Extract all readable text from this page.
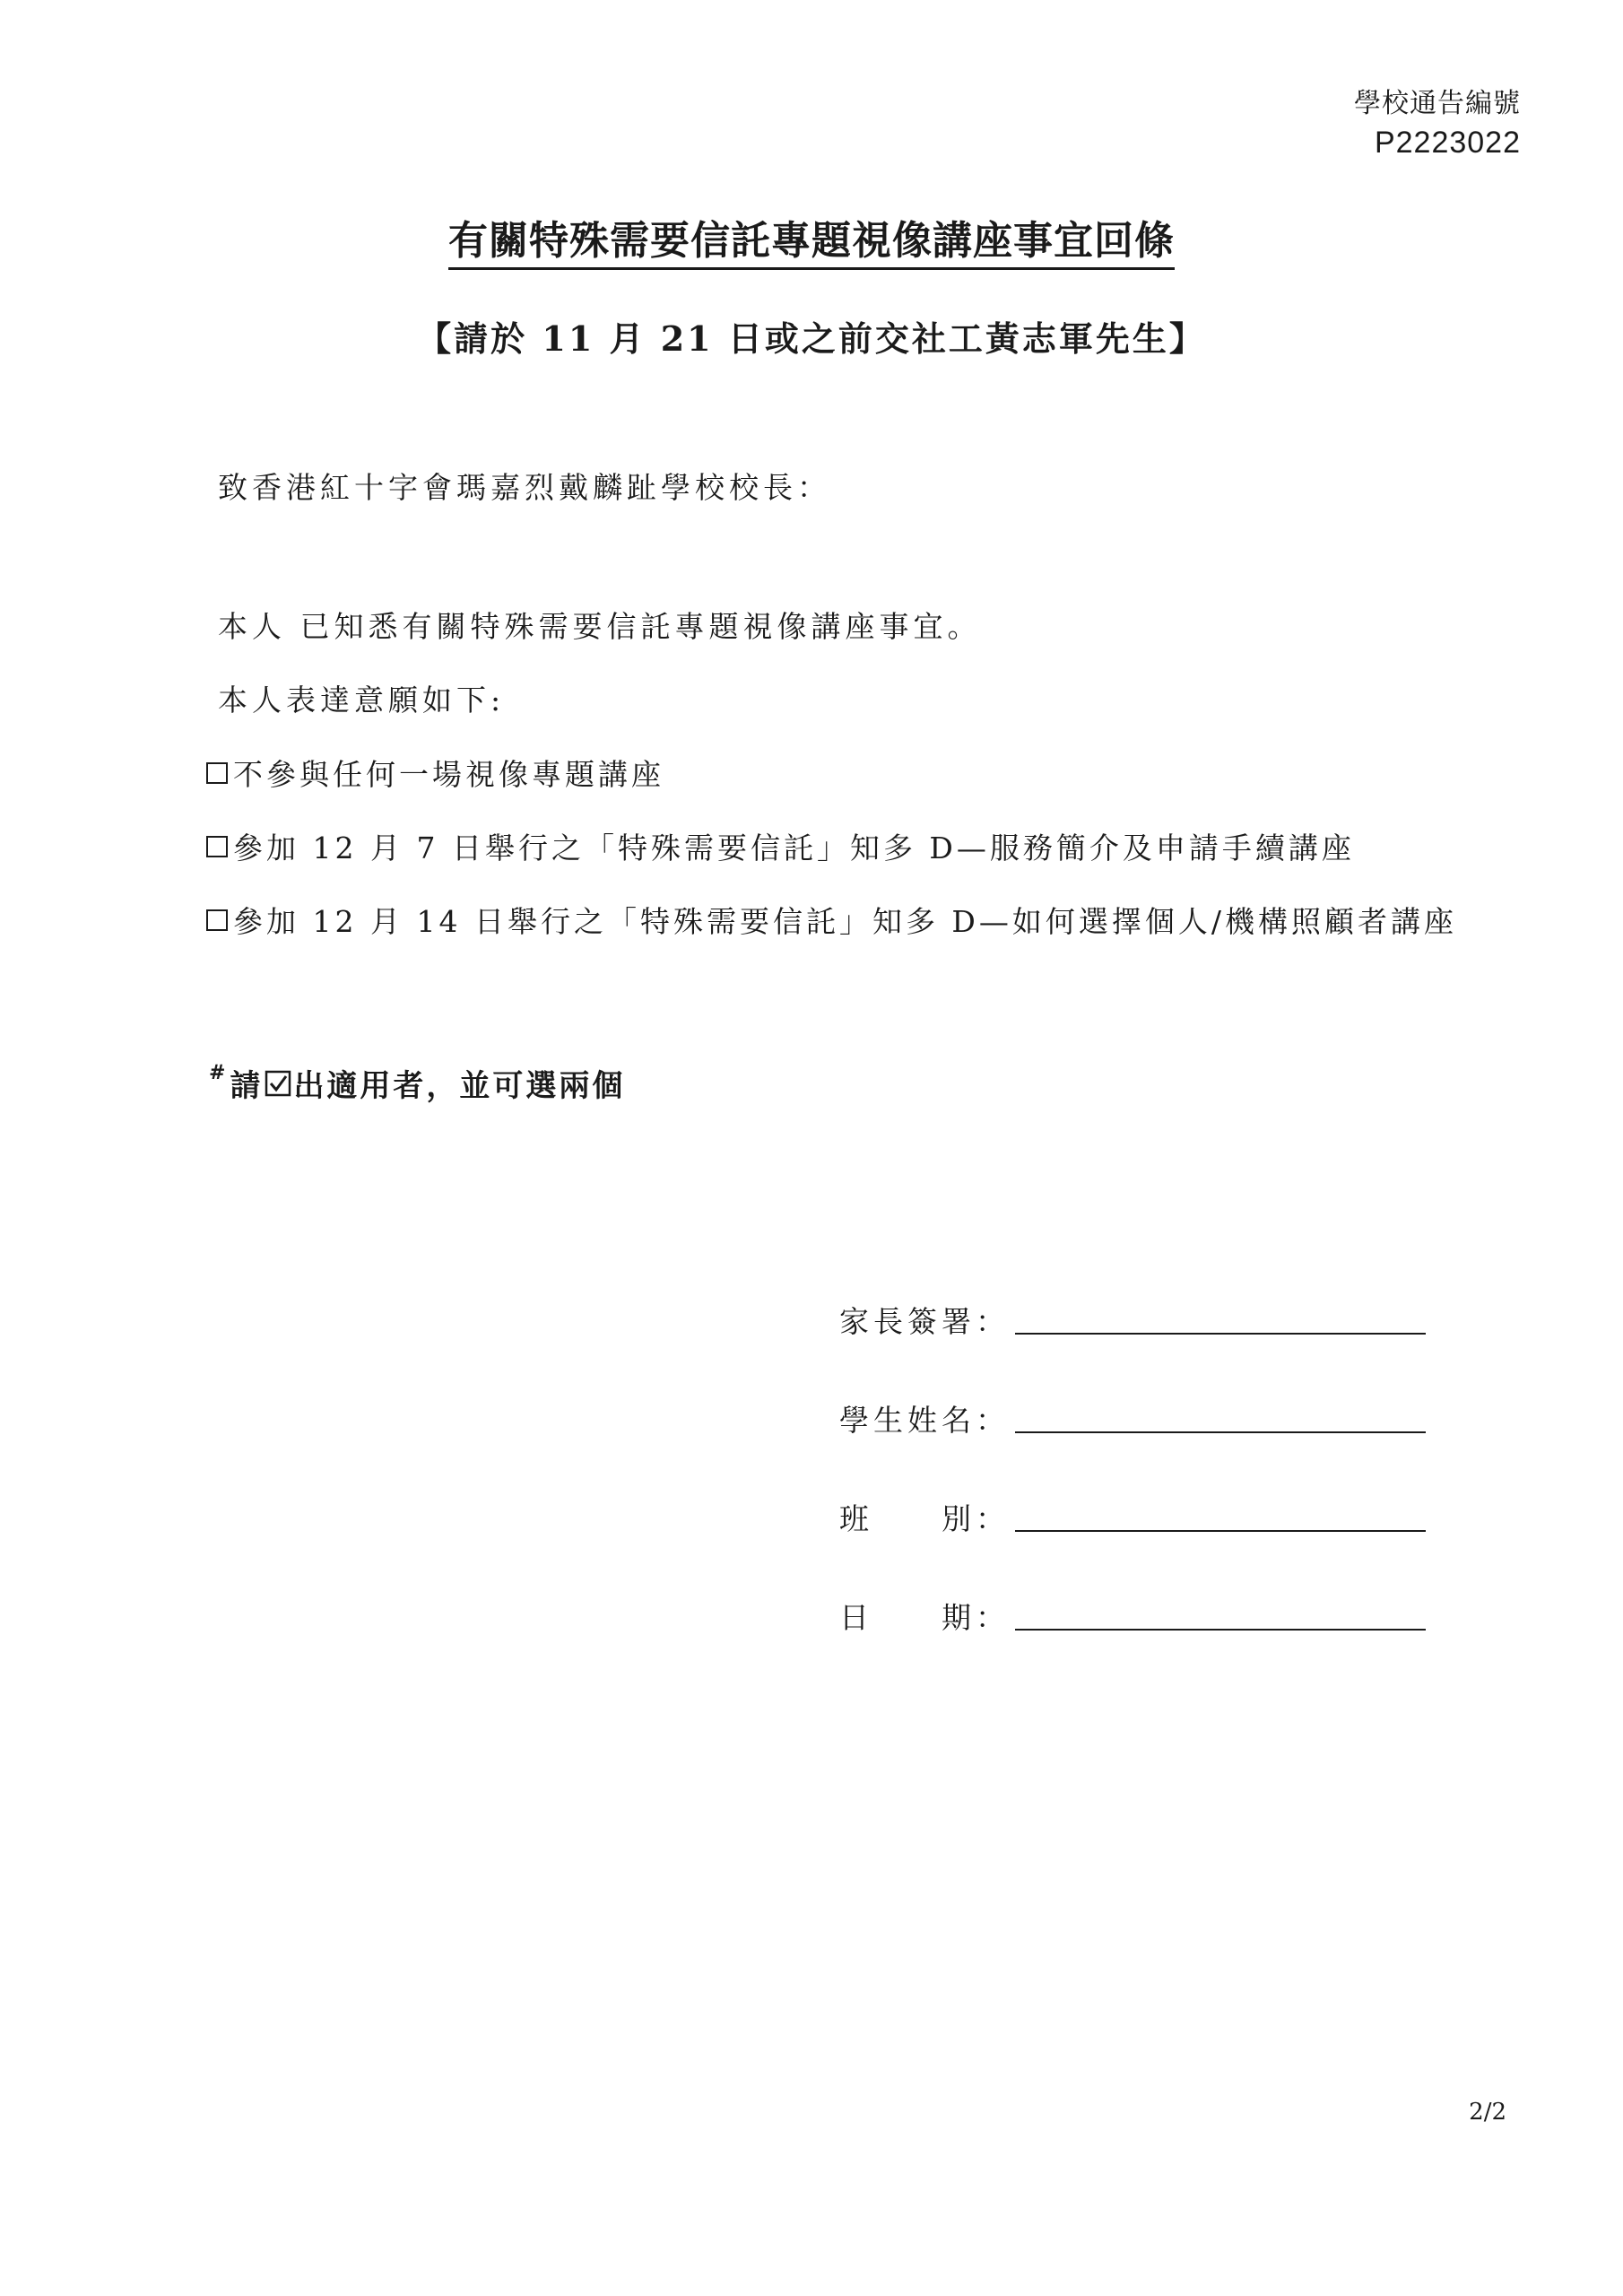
學校通告編號
P2223022
有關特殊需要信託專題視像講座事宜回條
【請於 11 月 21 日或之前交社工黃志軍先生】
致香港紅十字會瑪嘉烈戴麟趾學校校長：
本人 已知悉有關特殊需要信託專題視像講座事宜。
本人表達意願如下:
不參與任何一場視像專題講座
參加 12 月 7 日舉行之「特殊需要信託」知多 D—服務簡介及申請手續講座
參加 12 月 14 日舉行之「特殊需要信託」知多 D—如何選擇個人/機構照顧者講座
# 請 出適用者，並可選兩個
家長簽署：
學生姓名：
班　　別：
日　　期：
2/2
